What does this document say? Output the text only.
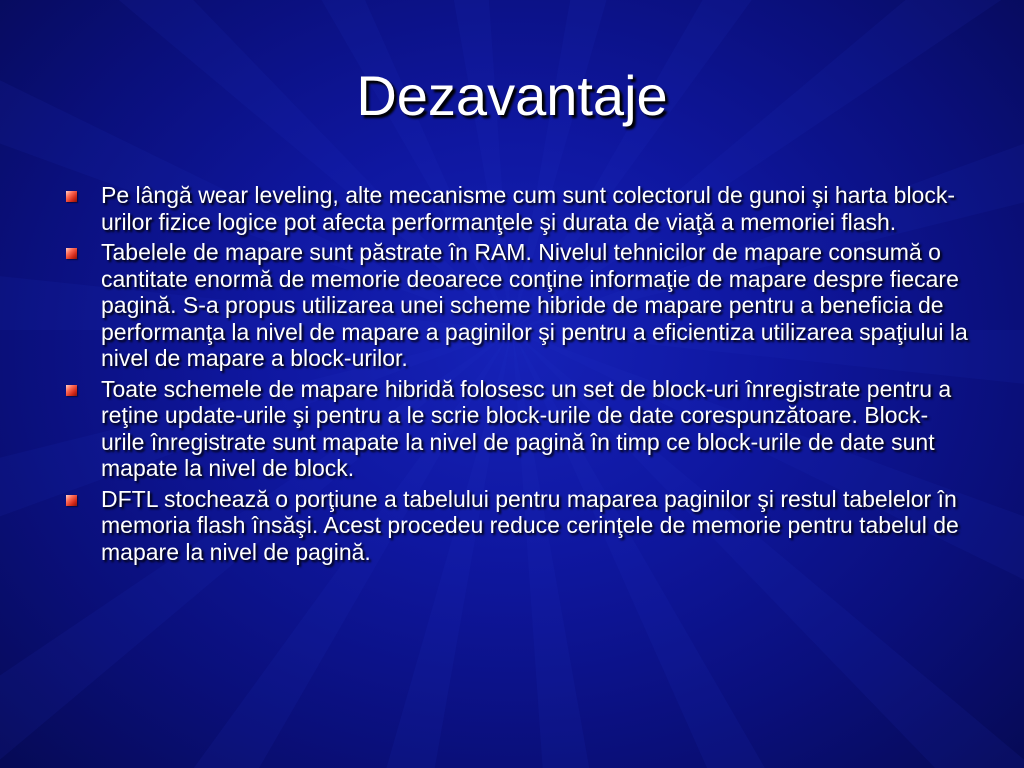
Dezavantaje
Pe lângă wear leveling, alte mecanisme cum sunt colectorul de gunoi şi harta block-urilor fizice logice pot afecta performanţele şi durata de viaţă a memoriei flash.
Tabelele de mapare sunt păstrate în RAM. Nivelul tehnicilor de mapare consumă o cantitate enormă de memorie deoarece conţine informaţie de mapare despre fiecare pagină. S-a propus utilizarea unei scheme hibride de mapare pentru a beneficia de performanţa la nivel de mapare a paginilor şi pentru a eficientiza utilizarea spaţiului la nivel de mapare a block-urilor.
Toate schemele de mapare hibridă folosesc un set de block-uri înregistrate pentru a reţine update-urile şi pentru a le scrie block-urile de date corespunzătoare. Block-urile înregistrate sunt mapate la nivel de pagină în timp ce block-urile de date sunt mapate la nivel de block.
DFTL stochează o porţiune a tabelului pentru maparea paginilor şi restul tabelelor în memoria flash însăşi. Acest procedeu reduce cerinţele de memorie pentru tabelul de mapare la nivel de pagină.
